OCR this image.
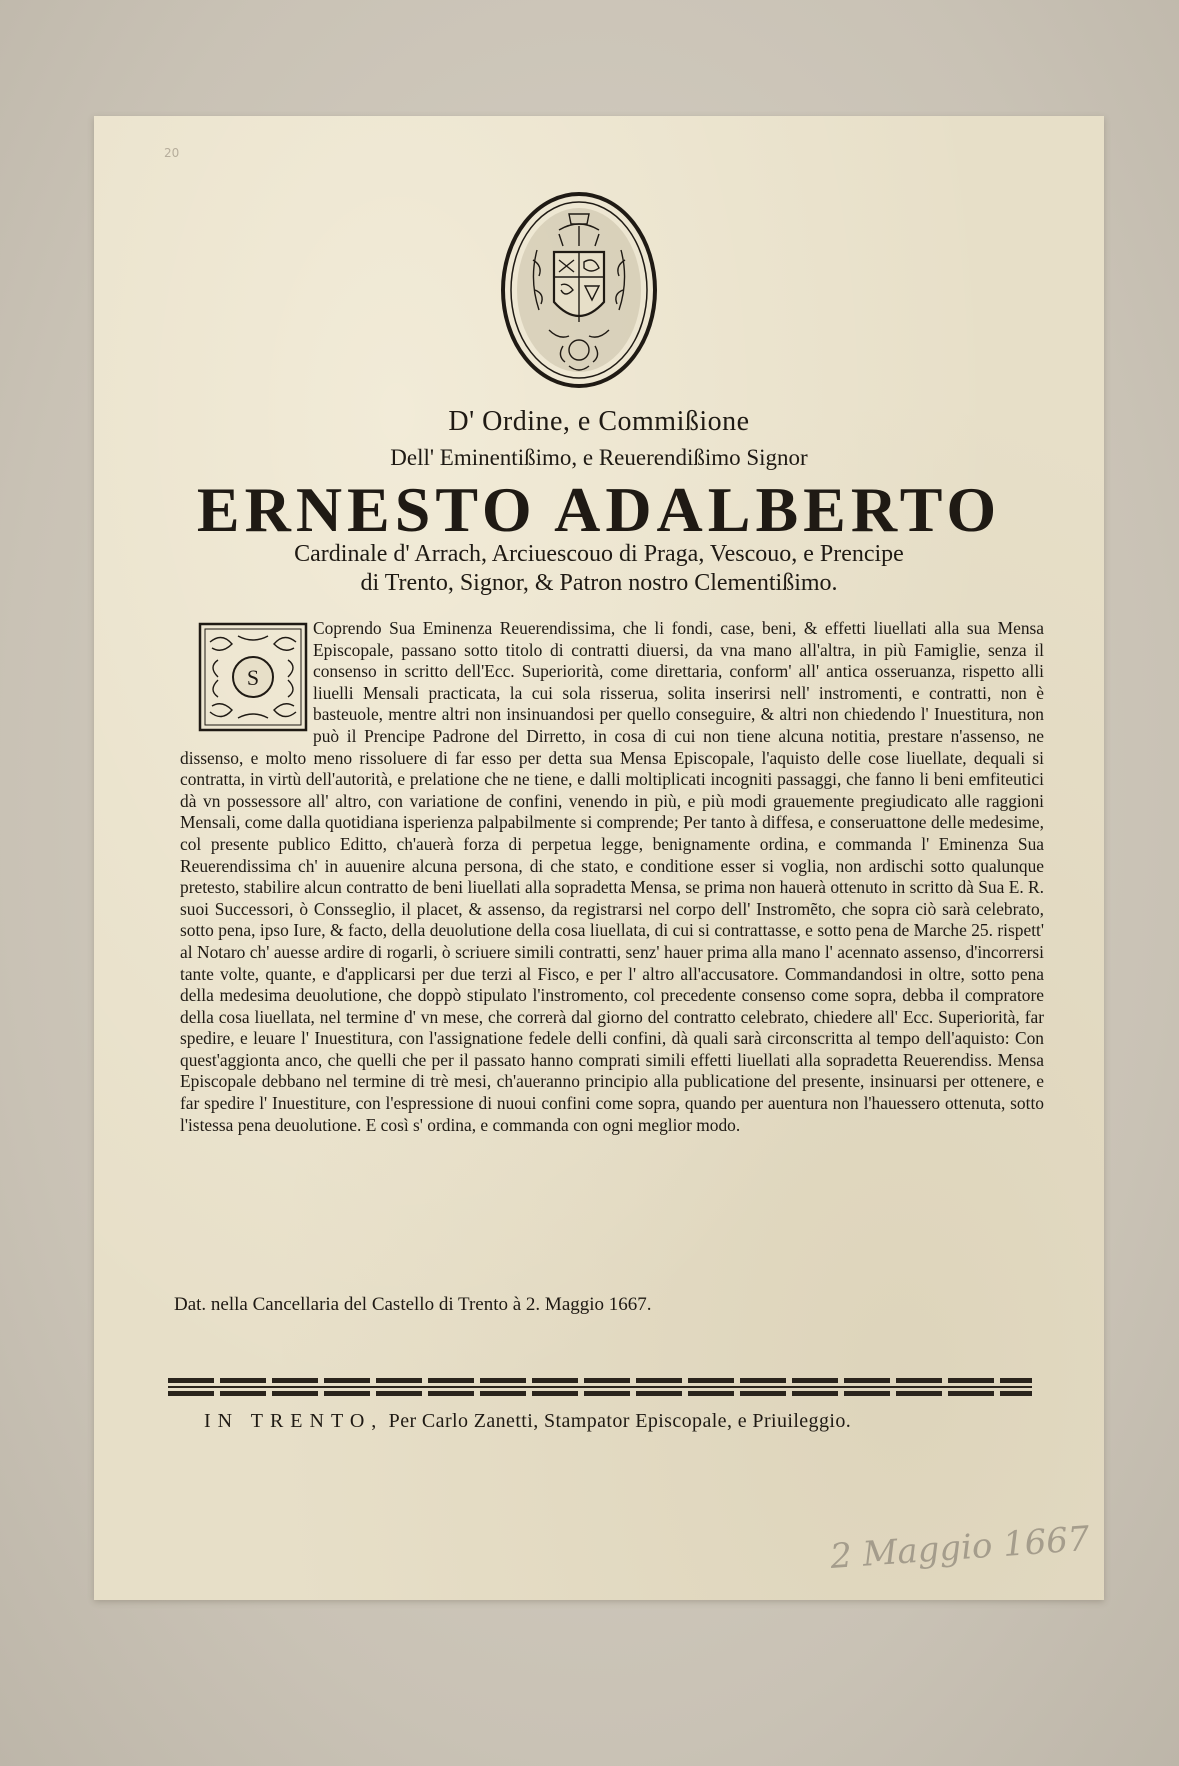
20
D' Ordine, e Commißione
Dell' Eminentißimo, e Reuerendißimo Signor
ERNESTO ADALBERTO
Cardinale d' Arrach, Arciuescouo di Praga, Vescouo, e Prencipe
di Trento, Signor, & Patron nostro Clementißimo.

Coprendo Sua Eminenza Reuerendissima, che li fondi, case, beni, & effetti liuellati alla sua Mensa Episcopale, passano sotto titolo di contratti diuersi, da vna mano all'altra, in più Famiglie, senza il consenso in scritto dell'Ecc. Superiorità, come direttaria, conform' all' antica osseruanza, rispetto alli liuelli Mensali practicata, la cui sola risserua, solita inserirsi nell' instromenti, e contratti, non è basteuole, mentre altri non insinuandosi per quello conseguire, & altri non chiedendo l' Inuestitura, non può il Prencipe Padrone del Dirretto, in cosa di cui non tiene alcuna notitia, prestare n'assenso, ne dissenso, e molto meno rissoluere di far esso per detta sua Mensa Episcopale, l'aquisto delle cose liuellate, dequali si contratta, in virtù dell'autorità, e prelatione che ne tiene, e dalli moltiplicati incogniti passaggi, che fanno li beni emfiteutici dà vn possessore all' altro, con variatione de confini, venendo in più, e più modi grauemente pregiudicato alle raggioni Mensali, come dalla quotidiana isperienza palpabilmente si comprende; Per tanto à diffesa, e conseruattone delle medesime, col presente publico Editto, ch'auerà forza di perpetua legge, benignamente ordina, e commanda l' Eminenza Sua Reuerendissima ch' in auuenire alcuna persona, di che stato, e conditione esser si voglia, non ardischi sotto qualunque pretesto, stabilire alcun contratto de beni liuellati alla sopradetta Mensa, se prima non hauerà ottenuto in scritto dà Sua E. R. suoi Successori, ò Consseglio, il placet, & assenso, da registrarsi nel corpo dell' Instromẽto, che sopra ciò sarà celebrato, sotto pena, ipso Iure, & facto, della deuolutione della cosa liuellata, di cui si contrattasse, e sotto pena de Marche 25. rispett' al Notaro ch' auesse ardire di rogarli, ò scriuere simili contratti, senz' hauer prima alla mano l' acennato assenso, d'incorrersi tante volte, quante, e d'applicarsi per due terzi al Fisco, e per l' altro all'accusatore. Commandandosi in oltre, sotto pena della medesima deuolutione, che doppò stipulato l'instromento, col precedente consenso come sopra, debba il compratore della cosa liuellata, nel termine d' vn mese, che correrà dal giorno del contratto celebrato, chiedere all' Ecc. Superiorità, far spedire, e leuare l' Inuestitura, con l'assignatione fedele delli confini, dà quali sarà circonscritta al tempo dell'aquisto: Con quest'aggionta anco, che quelli che per il passato hanno comprati simili effetti liuellati alla sopradetta Reuerendiss. Mensa Episcopale debbano nel termine di trè mesi, ch'aueranno principio alla publicatione del presente, insinuarsi per ottenere, e far spedire l' Inuestiture, con l'espressione di nuoui confini come sopra, quando per auentura non l'hauessero ottenuta, sotto l'istessa pena deuolutione. E così s' ordina, e commanda con ogni meglior modo.

S
Dat. nella Cancellaria del Castello di Trento à 2. Maggio 1667.
IN TRENTO, Per Carlo Zanetti, Stampator Episcopale, e Priuileggio.
2 Maggio 1667
